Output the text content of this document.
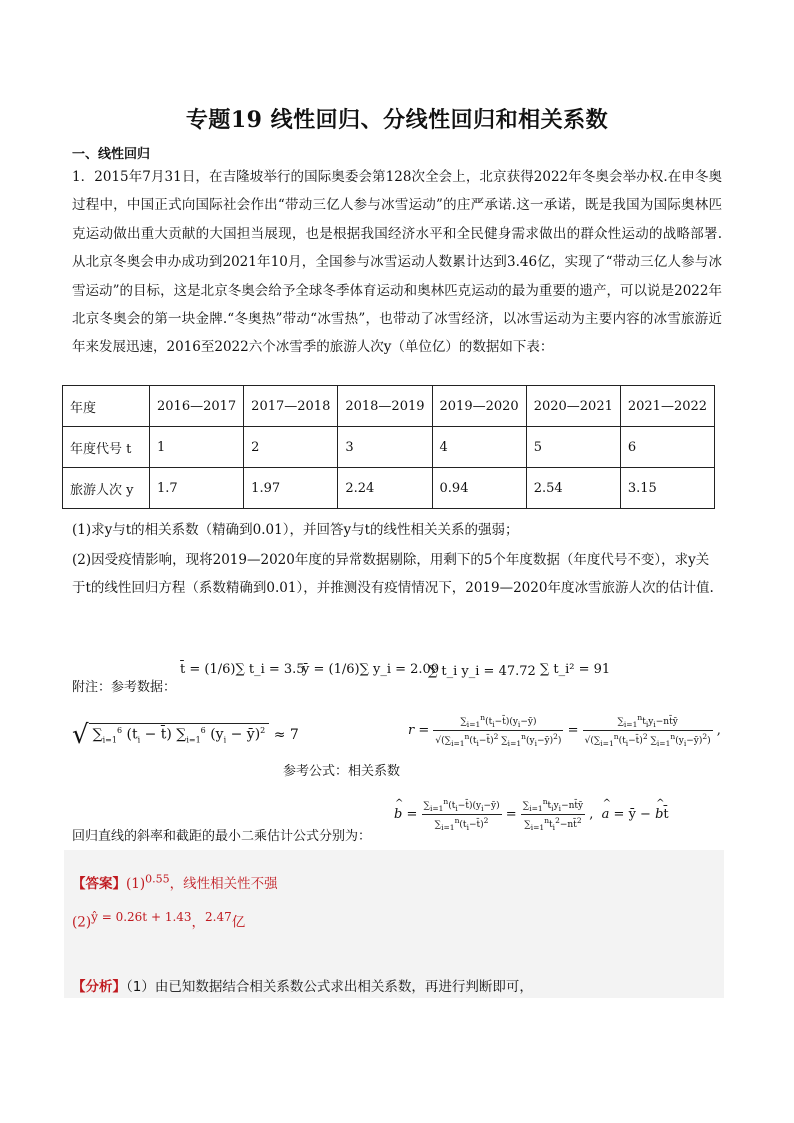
专题19 线性回归、分线性回归和相关系数
一、线性回归
1．2015年7月31日，在吉隆坡举行的国际奥委会第128次全会上，北京获得2022年冬奥会举办权.在申冬奥过程中，中国正式向国际社会作出“带动三亿人参与冰雪运动”的庄严承诺.这一承诺，既是我国为国际奥林匹克运动做出重大贡献的大国担当展现，也是根据我国经济水平和全民健身需求做出的群众性运动的战略部署.从北京冬奥会申办成功到2021年10月，全国参与冰雪运动人数累计达到3.46亿，实现了“带动三亿人参与冰雪运动”的目标，这是北京冬奥会给予全球冬季体育运动和奥林匹克运动的最为重要的遗产，可以说是2022年北京冬奥会的第一块金牌.“冬奥热”带动“冰雪热”，也带动了冰雪经济，以冰雪运动为主要内容的冰雪旅游近年来发展迅速，2016至2022六个冰雪季的旅游人次y（单位亿）的数据如下表：
年度	2016—2017	2017—2018	2018—2019	2019—2020	2020—2021	2021—2022
年度代号 t	1	2	3	4	5	6
旅游人次 y	1.7	1.97	2.24	0.94	2.54	3.15
(1)求y与t的相关系数（精确到0.01），并回答y与t的线性相关关系的强弱；
(2)因受疫情影响，现将2019—2020年度的异常数据剔除，用剩下的5个年度数据（年度代号不变），求y关于t的线性回归方程（系数精确到0.01），并推测没有疫情情况下，2019—2020年度冰雪旅游人次的估计值.
附注：参考数据：
t̄ = (1/6)∑ t_i = 3.5
ȳ = (1/6)∑ y_i = 2.09
∑ t_i y_i = 47.72 ∑ t_i² = 91
√ $\sum_{i=1}^6$ ($t_i$ − t̄) $\sum_{i=1}^6$ ($y_i$ − ȳ)$^2$ ≈ 7
参考公式：相关系数
$r = \frac{\sum_{i=1}^n(t_i-t̄)(y_i-ȳ)}{√(\sum_{i=1}^n(t_i-t̄)^2 \sum_{i=1}^n(y_i-ȳ)^2)} = \frac{\sum_{i=1}^nt_iy_i-nt̄ȳ}{√(\sum_{i=1}^n(t_i-t̄)^2 \sum_{i=1}^n(y_i-ȳ)^2)}$ ,
回归直线的斜率和截距的最小二乘估计公式分别为：
^ $b = \frac{\sum_{i=1}^n(t_i-t̄)(y_i-ȳ)}{\sum_{i=1}^n(t_i-t̄)^2} = \frac{\sum_{i=1}^nt_iy_i-nt̄ȳ}{\sum_{i=1}^nt_i^2-nt̄^2}$ ,  ^ a = ȳ − ^ bt̄
【答案】$(1)^{0.55}$，线性相关性不强
$(2)^{ŷ = 0.26t + 1.43}$，$^{2.47}$亿
【分析】（1）由已知数据结合相关系数公式求出相关系数，再进行判断即可，
